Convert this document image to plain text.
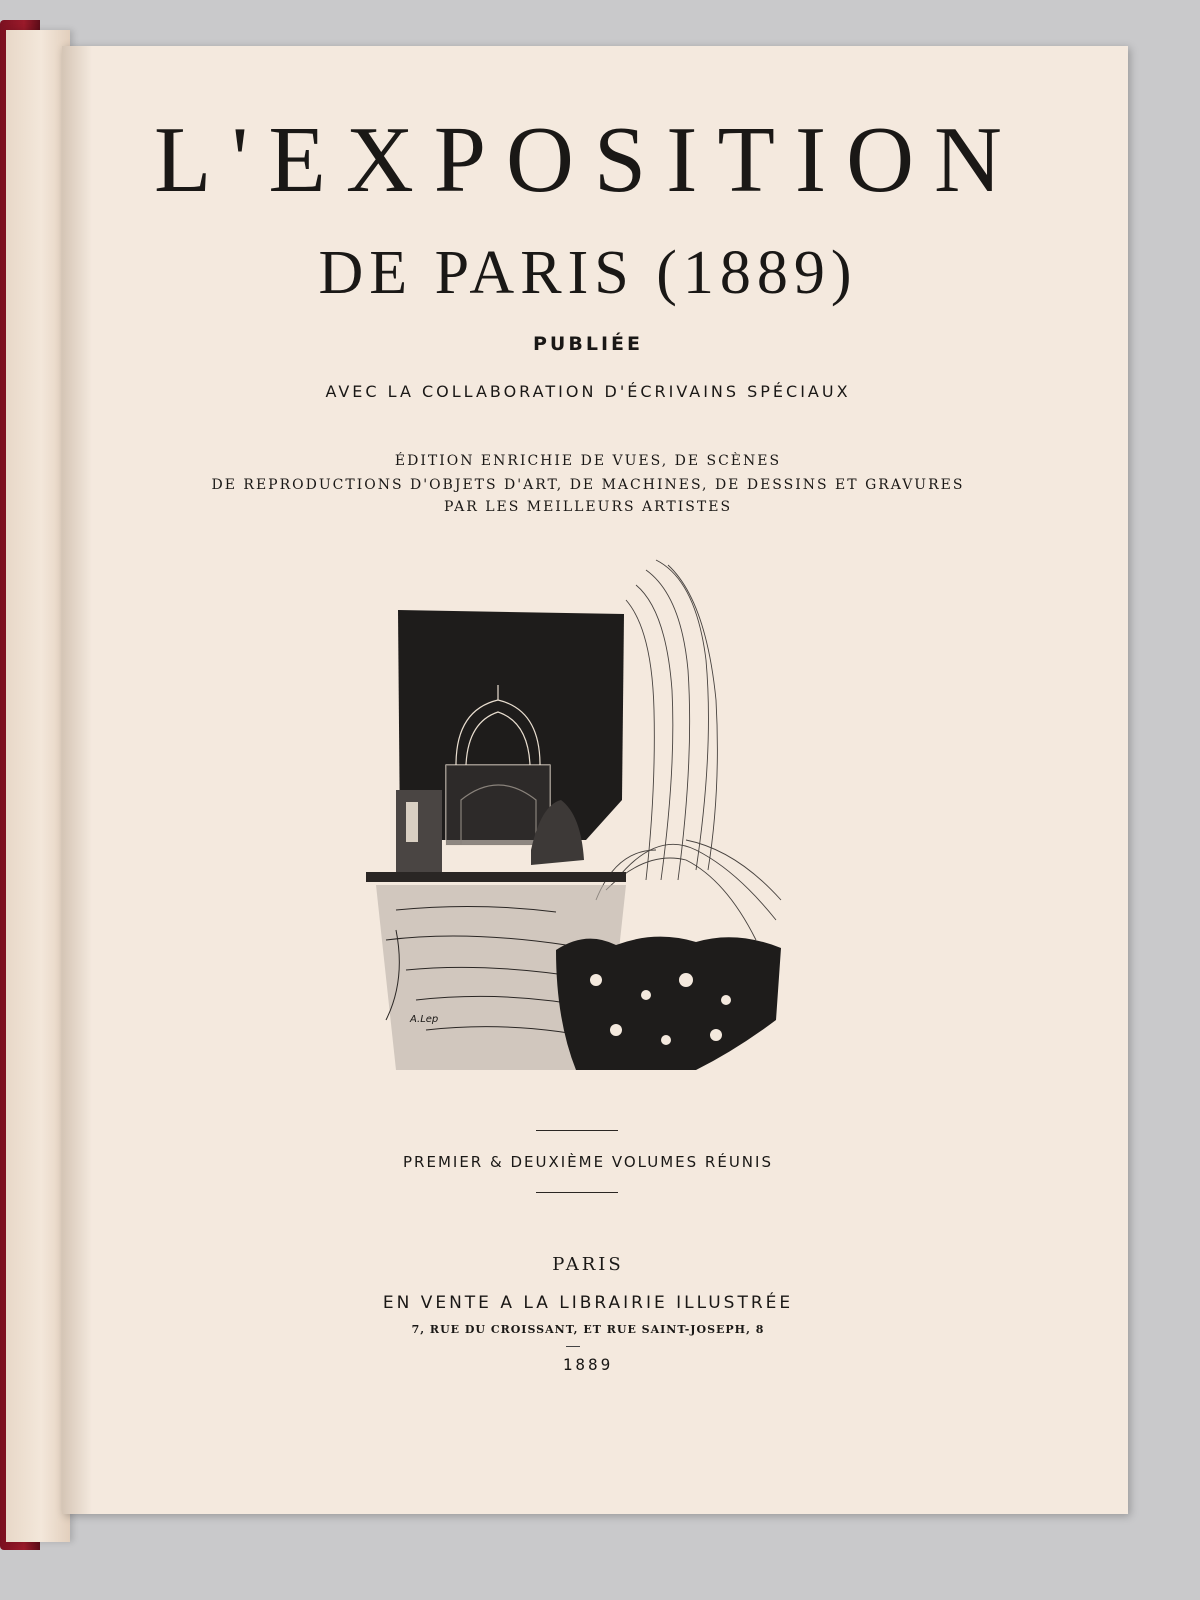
L'EXPOSITION
DE PARIS (1889)
PUBLIÉE
AVEC LA COLLABORATION D'ÉCRIVAINS SPÉCIAUX
ÉDITION ENRICHIE DE VUES, DE SCÈNES
DE REPRODUCTIONS D'OBJETS D'ART, DE MACHINES, DE DESSINS ET GRAVURES
PAR LES MEILLEURS ARTISTES
A.Lep
PREMIER & DEUXIÈME VOLUMES RÉUNIS
PARIS
EN VENTE A LA LIBRAIRIE ILLUSTRÉE
7, RUE DU CROISSANT, ET RUE SAINT-JOSEPH, 8
1889
